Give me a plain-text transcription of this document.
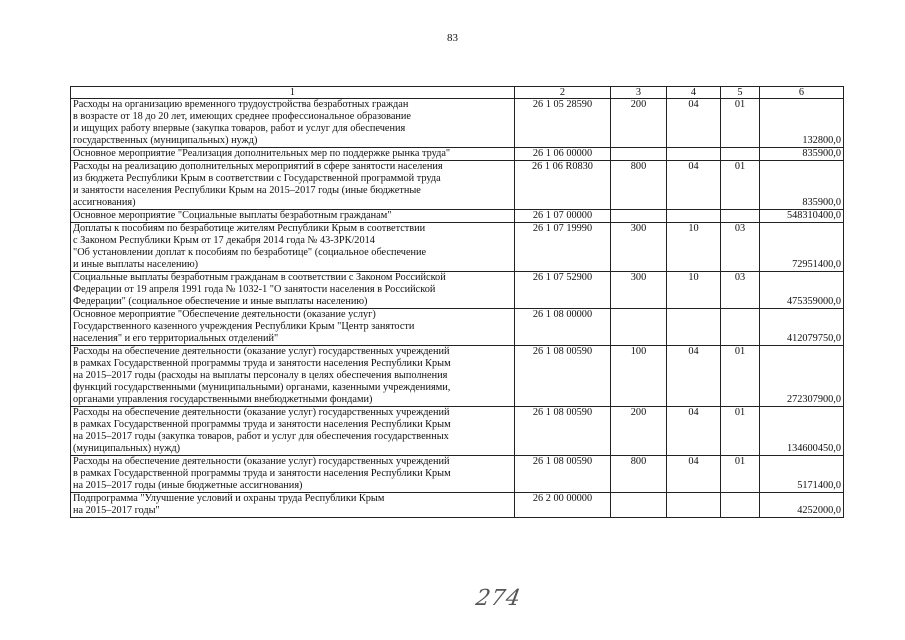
83
1	2	3	4	5	6
Расходы на организацию временного трудоустройства безработных граждан
в возрасте от 18 до 20 лет, имеющих среднее профессиональное образование
и ищущих работу впервые (закупка товаров, работ и услуг для обеспечения
государственных (муниципальных) нужд)	26 1 05 28590	200	04	01	132800,0
Основное мероприятие "Реализация дополнительных мер по поддержке рынка труда"	26 1 06 00000				835900,0
Расходы на реализацию дополнительных мероприятий в сфере занятости населения
из бюджета Республики Крым в соответствии с Государственной программой труда
и занятости населения Республики Крым на 2015–2017 годы (иные бюджетные
ассигнования)	26 1 06 R0830	800	04	01	835900,0
Основное мероприятие "Социальные выплаты безработным гражданам"	26 1 07 00000				548310400,0
Доплаты к пособиям по безработице жителям Республики Крым в соответствии
с Законом Республики Крым от 17 декабря 2014 года № 43-ЗРК/2014
"Об установлении доплат к пособиям по безработице" (социальное обеспечение
и иные выплаты населению)	26 1 07 19990	300	10	03	72951400,0
Социальные выплаты безработным гражданам в соответствии с Законом Российской
Федерации от 19 апреля 1991 года № 1032-1 "О занятости населения в Российской
Федерации" (социальное обеспечение и иные выплаты населению)	26 1 07 52900	300	10	03	475359000,0
Основное мероприятие "Обеспечение деятельности (оказание услуг)
Государственного казенного учреждения Республики Крым "Центр занятости
населения" и его территориальных отделений"	26 1 08 00000				412079750,0
Расходы на обеспечение деятельности (оказание услуг) государственных учреждений
в рамках Государственной программы труда и занятости населения Республики Крым
на 2015–2017 годы (расходы на выплаты персоналу в целях обеспечения выполнения
функций государственными (муниципальными) органами, казенными учреждениями,
органами управления государственными внебюджетными фондами)	26 1 08 00590	100	04	01	272307900,0
Расходы на обеспечение деятельности (оказание услуг) государственных учреждений
в рамках Государственной программы труда и занятости населения Республики Крым
на 2015–2017 годы (закупка товаров, работ и услуг для обеспечения государственных
(муниципальных) нужд)	26 1 08 00590	200	04	01	134600450,0
Расходы на обеспечение деятельности (оказание услуг) государственных учреждений
в рамках Государственной программы труда и занятости населения Республики Крым
на 2015–2017 годы (иные бюджетные ассигнования)	26 1 08 00590	800	04	01	5171400,0
Подпрограмма "Улучшение условий и охраны труда Республики Крым
на 2015–2017 годы"	26 2 00 00000				4252000,0
274
